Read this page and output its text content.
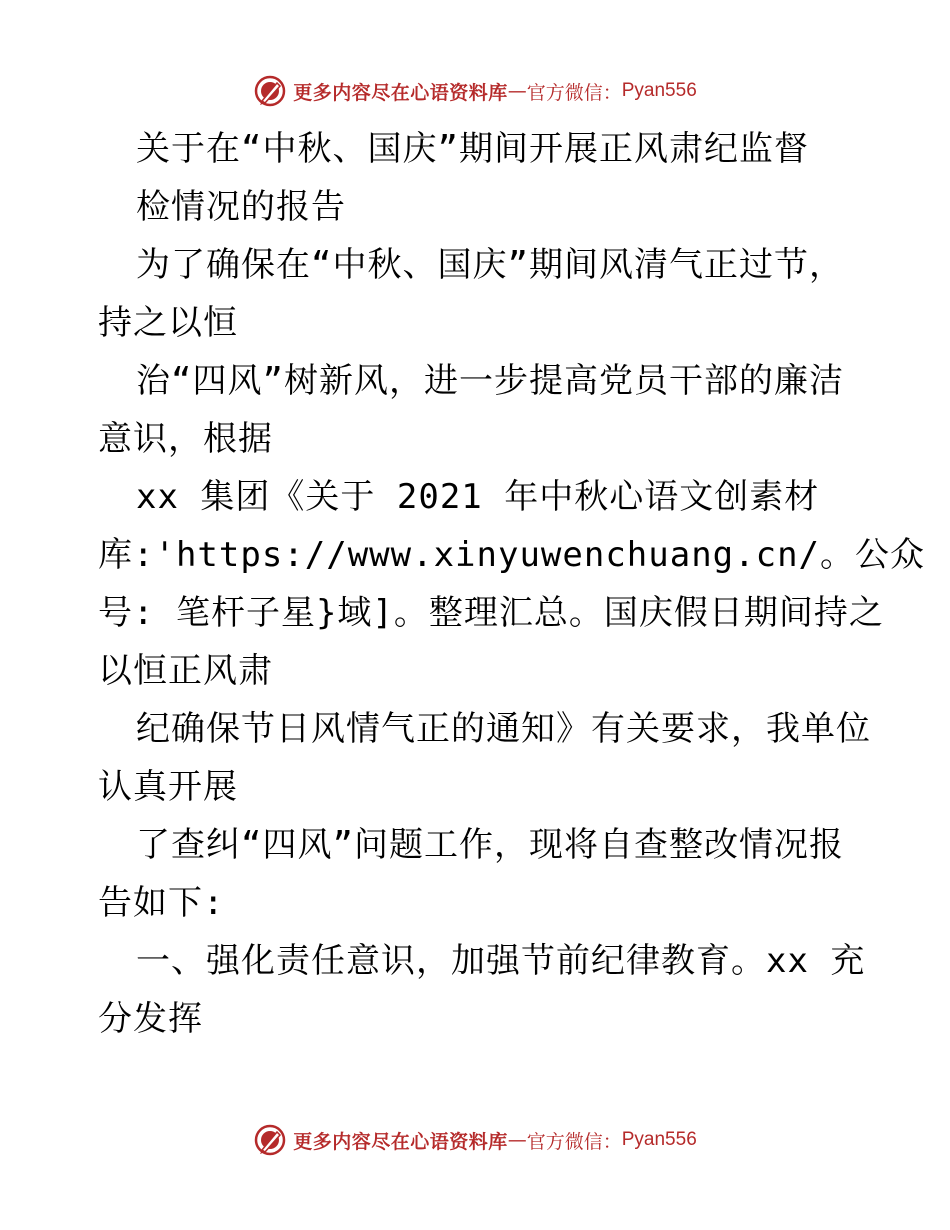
更多内容尽在心语资料库 — 官方微信： Pyan556
关于在“中秋、国庆”期间开展正风肃纪监督
检情况的报告
为了确保在“中秋、国庆”期间风清气正过节，
持之以恒
治“四风”树新风，进一步提高党员干部的廉洁
意识，根据
xx 集团《关于 2021 年中秋心语文创素材
库:'https://www.xinyuwenchuang.cn/。公众
号: 笔杆子星}域]。整理汇总。国庆假日期间持之
以恒正风肃
纪确保节日风情气正的通知》有关要求，我单位
认真开展
了查纠“四风”问题工作，现将自查整改情况报
告如下:
一、强化责任意识，加强节前纪律教育。xx 充
分发挥
更多内容尽在心语资料库 — 官方微信： Pyan556
